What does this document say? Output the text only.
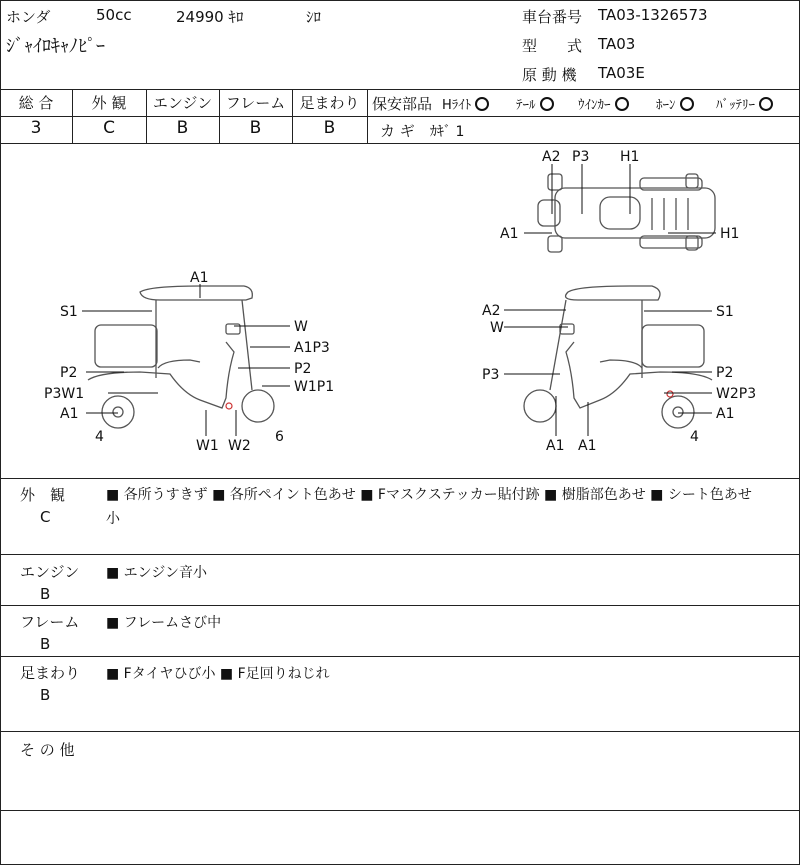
ホンダ	50cc	24990 ｷﾛ	ｼﾛ
ｼﾞｬｲﾛｷｬﾉﾋﾟｰ
車台番号 TA03-1326573
型　　式 TA03
原 動 機 TA03E
総 合	外 観	エンジン フレーム 足まわり
3	C	B	B	B
保安部品 Hﾗｲﾄ	ﾃｰﾙ	ｳｲﾝｶｰ	ﾎｰﾝ	ﾊﾞｯﾃﾘｰ
カ ギ ｶｷﾞ 1
A2 P3 H1
A1	H1
A1
S1
W
A1P3
P2	P2
P3W1	W1P1
A1
4
W1 W2
6
A2
W
S1
P3	P2
W2P3
A1
4
A1 A1
外　観
C
■ 各所うすきず ■ 各所ペイント色あせ ■ Fマスクステッカー貼付跡 ■ 樹脂部色あせ ■ シート色あせ
小
エンジン
B
■ エンジン音小
フレーム
B
■ フレームさび中
足まわり
B
■ Fタイヤひび小 ■ F足回りねじれ
そ の 他
